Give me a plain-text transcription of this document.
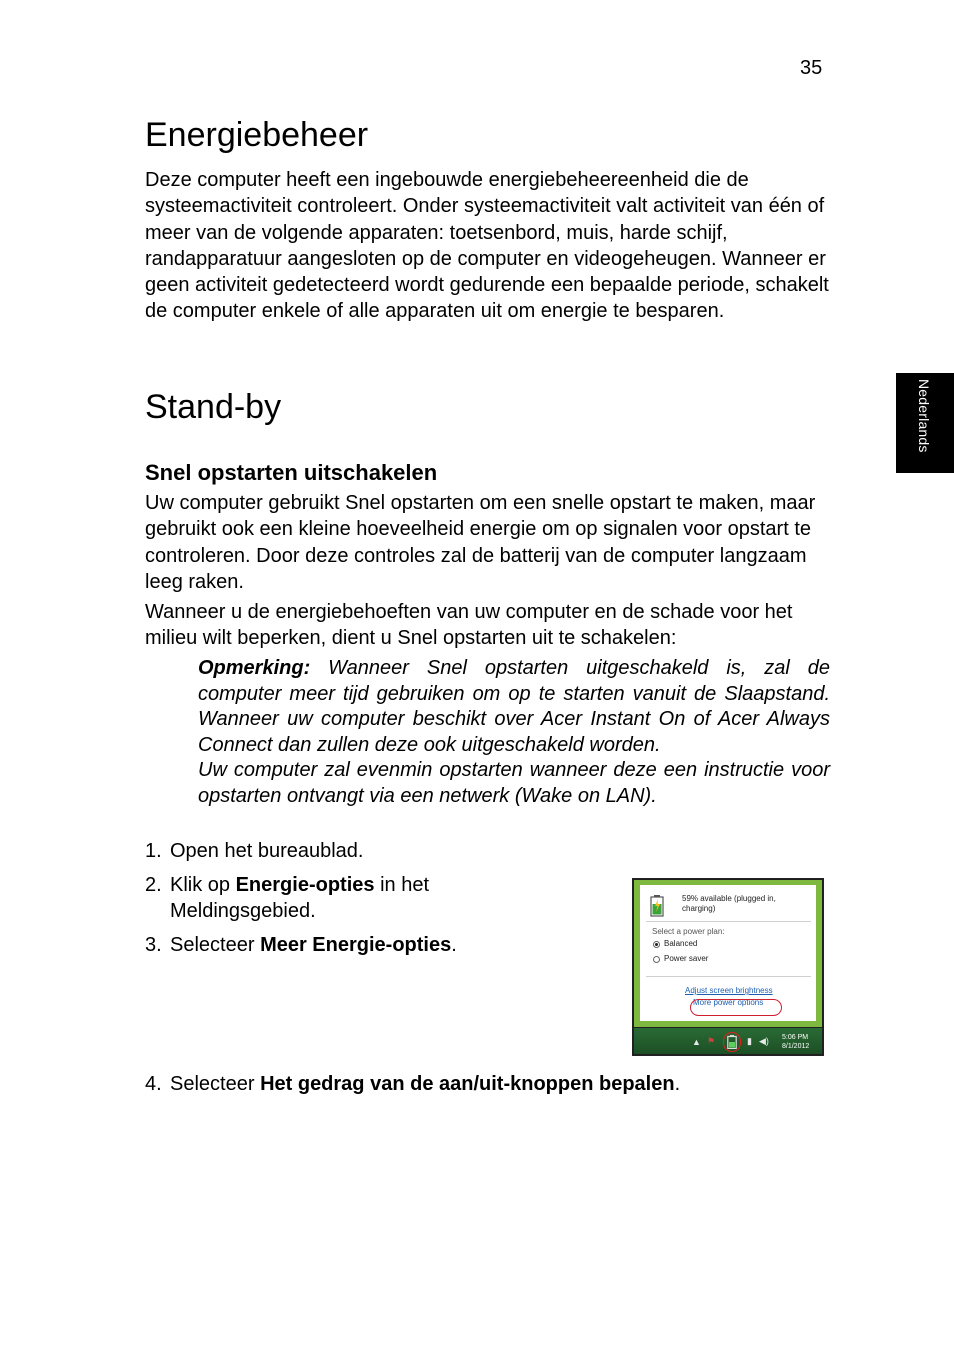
35
Nederlands
Energiebeheer

Deze computer heeft een ingebouwde energiebeheereenheid die de systeemactiviteit controleert. Onder systeemactiviteit valt activiteit van één of meer van de volgende apparaten: toetsenbord, muis, harde schijf, randapparatuur aangesloten op de computer en videogeheugen. Wanneer er geen activiteit gedetecteerd wordt gedurende een bepaalde periode, schakelt de computer enkele of alle apparaten uit om energie te besparen.

Stand-by
Snel opstarten uitschakelen

Uw computer gebruikt Snel opstarten om een snelle opstart te maken, maar gebruikt ook een kleine hoeveelheid energie om op signalen voor opstart te controleren. Door deze controles zal de batterij van de computer langzaam leeg raken.

Wanneer u de energiebehoeften van uw computer en de schade voor het milieu wilt beperken, dient u Snel opstarten uit te schakelen:

Opmerking: Wanneer Snel opstarten uitgeschakeld is, zal de computer meer tijd gebruiken om op te starten vanuit de Slaapstand. Wanneer uw computer beschikt over Acer Instant On of Acer Always Connect dan zullen deze ook uitgeschakeld worden.

Uw computer zal evenmin opstarten wanneer deze een instructie voor opstarten ontvangt via een netwerk (Wake on LAN).

1. Open het bureaublad.
2. Klik op Energie-opties in het Meldingsgebied.
3. Selecteer Meer Energie-opties.
4. Selecteer Het gedrag van de aan/uit-knoppen bepalen.
59% available (plugged in,
charging)
Select a power plan:
Balanced
Power saver
Adjust screen brightness
More power options
▲ ⚑	▮ ◀) 5:06 PM
8/1/2012
